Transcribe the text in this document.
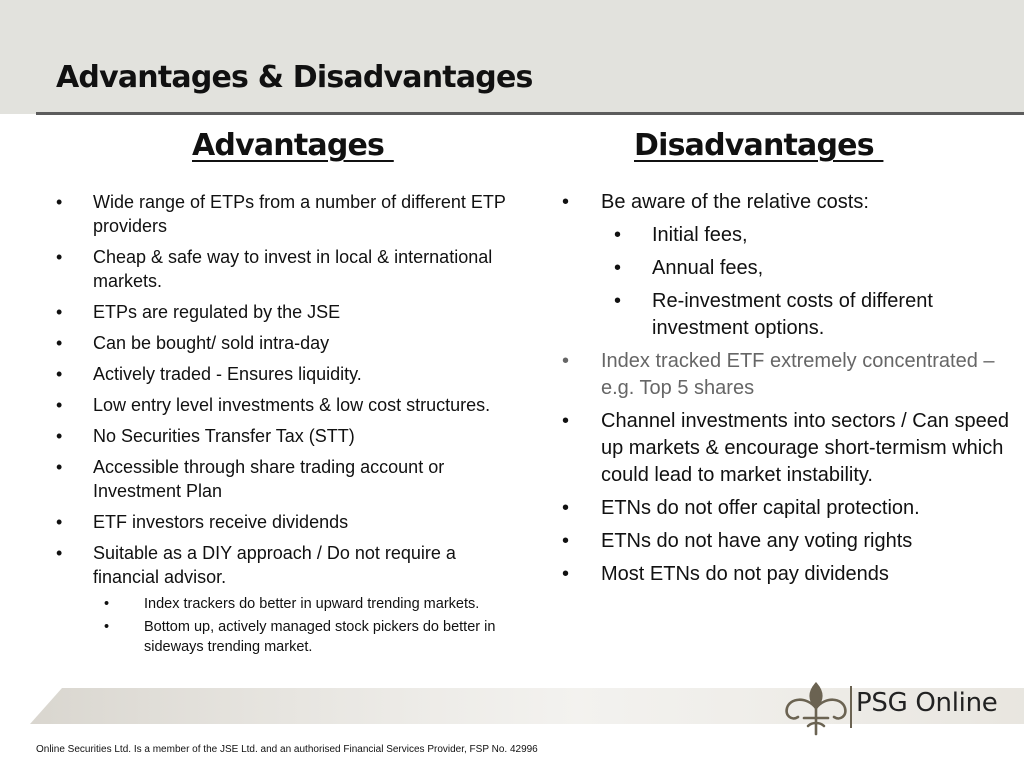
Advantages & Disadvantages
Advantages	Disadvantages
• Wide range of ETPs from a number of different ETP providers
• Cheap & safe way to invest in local & international markets.
• ETPs are regulated by the JSE
• Can be bought/ sold intra-day
• Actively traded - Ensures liquidity.
• Low entry level investments & low cost structures.
• No Securities Transfer Tax (STT)
• Accessible through share trading account or Investment Plan
• ETF investors receive dividends
• Suitable as a DIY approach / Do not require a financial advisor.
• Index trackers do better in upward trending markets.
• Bottom up, actively managed stock pickers do better in sideways trending market.
• Be aware of the relative costs:
• Initial fees,
• Annual fees,
• Re-investment costs of different investment options.
• Index tracked ETF extremely concentrated – e.g. Top 5 shares
• Channel investments into sectors / Can speed up markets & encourage short-termism which could lead to market instability.
• ETNs do not offer capital protection.
• ETNs do not have any voting rights
• Most ETNs do not pay dividends
PSG Online
Online Securities Ltd. Is a member of the JSE Ltd. and an authorised Financial Services Provider, FSP No. 42996
